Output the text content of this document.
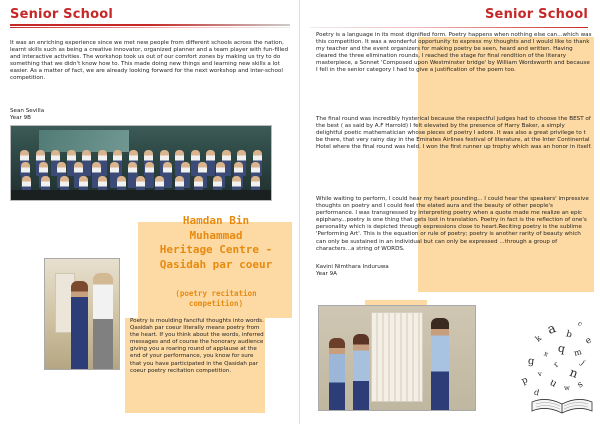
Senior School

It was an enriching experience since we met new people from different schools across the nation, learnt skills such as being a creative innovator, organized planner and a team player with fun-filled and interactive activities. The workshop took us out of our comfort zones by making us try to do something that we didn't know how to. This made doing new things and learning new skills a lot easier. As a matter of fact, we are already looking forward for the next workshop and inter-school competition.

Sean Sevilla
Year 9B
Hamdan Bin
Muhammad
Heritage Centre -
Qasidah par coeur
(poetry recitation
competition)

Poetry is moulding fanciful thoughts into words. Qasidah par coeur literally means poetry from the heart. If you think about the words, inferred messages and of course the honorary audience giving you a roaring round of applause at the end of your performance, you know for sure that you have participated in the Qasidah par coeur poetry recitation competition.

Senior School
Poetry is a language in its most dignified form. Poetry happens when nothing else can...which was this competition. It was a wonderful opportunity to express my thoughts and I would like to thank my teacher and the event organizers for making poetry be seen, heard and written. Having cleared the three elimination rounds, I reached the stage for final rendition of the literary masterpiece, a Sonnet 'Composed upon Westminster bridge' by William Wordsworth and because I fell in the senior category I had to give a justification of the poem too.
The final round was incredibly hysterical because the respectful judges had to choose the BEST of the best ( as said by A.F Harrold) I felt elevated by the presence of Harry Baker, a simply delightful poetic mathematician whose pieces of poetry I adore. It was also a great privilege to t be there, that very rainy day in the Emirates Airlines festival of literature, at the Inter Continental Hotel where the final round was held. I won the first runner up trophy which was an honor in itself.
While waiting to perform, I could hear my heart pounding... I could hear the speakers' impressive thoughts on poetry and I could feel the elated aura and the beauty of other people's performance. I was transgressed by interpreting poetry when a quote made me realize an epic epiphany...poetry is one thing that gets lost in translation. Poetry in fact is the reflection of one's personality which is depicted through expressions close to heart.Reciting poetry is the sublime 'Performing Art'. This is the equation or rule of poetry; poetry is another rarity of beauty which can only be sustained in an individual but can only be expressed ...through a group of characters...a string of WORDS.
Kavini Nimthara Induruwa
Year 9A
a b
c
k
q m
x
e
g r
n
v
j
p u w
d
s
